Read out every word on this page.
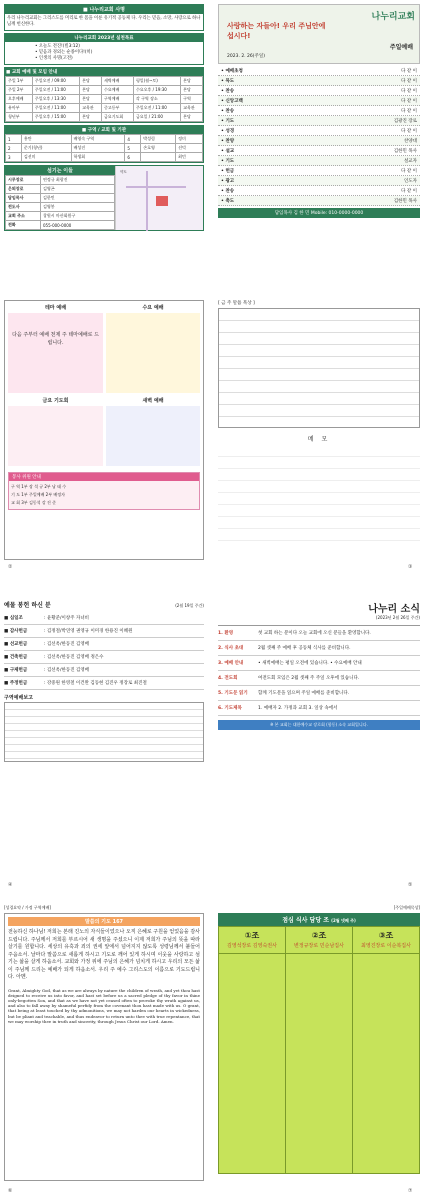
■ 나누리교회 사명
우리 나누리교회는 그리스도를 머리로 한 몸을 이룬 유기적 공동체 다. 우리는 믿음, 소망, 사랑으로 하나님께 헌신한다.
나누리교회 2023년 실천목표
• 오늘도 전진!(빌3:12)
• 믿음과 경외는 순종이다!(히)
• 인생의 사명(고전)
■ 교회 예배 및 모임 안내
주일 1부	주일오전 / 09:00	본당	새벽예배	평일(월~토)	본당
주일 2부	주일오전 / 11:00	본당	수요예배	수요오후 / 19:30	본당
오후예배	주일오후 / 13:30	본당	구역예배	각 구역 장소	구역
유아부	주일오전 / 11:00	교육관	중고등부	주일오전 / 11:00	교육관
청년부	주일오후 / 15:00	본당	금요기도회	금요일 / 21:00	본당
■ 구역 / 교회 및 기관
1	흥만	배영숙 구역	4	박성림	정미
2	준기(청년)	배성진	5	손호영	선덕
3	김선미	학생회	6		최민
섬기는 이들
시무장로	연정규 최광진
은퇴장로	김영곤
담임목사	김한민
전도사	김영봉
교회 주소	창원시 마산회원구
전화	055-000-0000
약도
나누리교회
사랑하는 자들아! 우리 주님안에 섭시다!
2023. 2. 26(주일)
주일예배
• 예배초청	다 같 이
• 묵도	다 같 이
• 찬송	다 같 이
• 신앙고백	다 같 이
• 찬송	다 같 이
• 기도	김광진 장로
• 성경	다 같 이
• 찬양	찬양대
• 설교	김한민 목사
• 기도	설교자
• 헌금	다 같 이
• 광고	인도자
• 찬송	다 같 이
• 축도	김한민 목사
담임목사 김 한 민 Mobile: 010-0000-0000
테마 예배
다음 주부터 예배 천제 주 테마예배로 드립니다.
금요 기도회
수요 예배
새벽 예배
봉사 위원 안내
구 역 1부 장 석 규 2부 남 태 수
기 도 1부 주일예배 2부 배정자
교 회 3부 김동석 강 진 준
②
[ 금 주 말씀 묵상 ]
메 모
③
예물 봉헌 하신 분	(2월 19일 주간)
■ 십일조	: 윤황준/이창주 자녀비
■ 감사헌금	: 김정철/박연영 권영규 이미경 한용진 이혜원
■ 선교헌금	: 김선옥/한동진 김영배
■ 건축헌금	: 김선옥/한동진 김영배 정은수
■ 구제헌금	: 김선옥/한동진 김영배
■ 주정헌금	: 강중원 한영철 이건완 김동현 김진우 정장로 최진철
구역예배보고
④
나누리 소식
(2023년 2월 26일 주간)
1. 환영	첫 교회 하는 분이다 오늘 교회에 오신 분들을 환영합니다.
2. 식사 초대	2월 셋째 주 예배 후 공동체 식사를 준비합니다.
3. 예배 안내	• 새벽예배는 평일 오전에 있습니다. • 수요예배 안내
4. 전도회	여전도회 모임은 2월 셋째 주 주일 오후에 있습니다.
5. 기도문 읽기	함께 기도문을 읽으며 주일 예배를 준비합니다.
6. 기도제목	1. 예배자 2. 가정과 교회 3. 일상 속에서
※ 본 교회는 대한예수교 장로회 (합동) 소속 교회입니다.
⑤
[성경요약 / 가정 구역예배]
말씀의 기도 167
전능하신 하나님! 저희는 본래 진노의 자식들이었으나 오직 은혜로 구원을 얻었음을 감사드립니다. 주님께서 저희를 부르시어 새 생명을 주셨으니 이제 저희가 주님의 뜻을 따라 살기를 원합니다. 세상의 유혹과 죄의 권세 앞에서 넘어지지 않도록 성령님께서 붙들어 주옵소서. 날마다 말씀으로 새롭게 하시고 기도로 깨어 있게 하시며 이웃을 사랑하고 섬기는 삶을 살게 하옵소서. 교회와 가정 위에 주님의 은혜가 넘치게 하시고 우리의 모든 삶이 주님께 드리는 예배가 되게 하옵소서. 우리 주 예수 그리스도의 이름으로 기도드립니다. 아멘.
Grant, Almighty God, that as we are always by nature the children of wrath, and yet thou hast deigned to receive us into favor, and hast set before us a sacred pledge of thy favor in thine only-begotten Son, and that as we have not yet ceased often to provoke thy wrath against us, and also to fall away by shameful perfidy from the covenant thou hast made with us. O grant, that being at least touched by thy admonitions, we may not harden our hearts in wickedness, but be pliant and teachable, and thus endeavor to return unto thee with true repentance, that we may worship thee in truth and sincerity, through Jesus Christ our Lord. Amen.
⑥
[주일예배묵상]
점심 식사 담당 조 (2월 넷째 주)
①조
김영석장로 김영숙권사
②조
변정규장로 민순남집사
③조
최영진장로 이순복집사
⑦
